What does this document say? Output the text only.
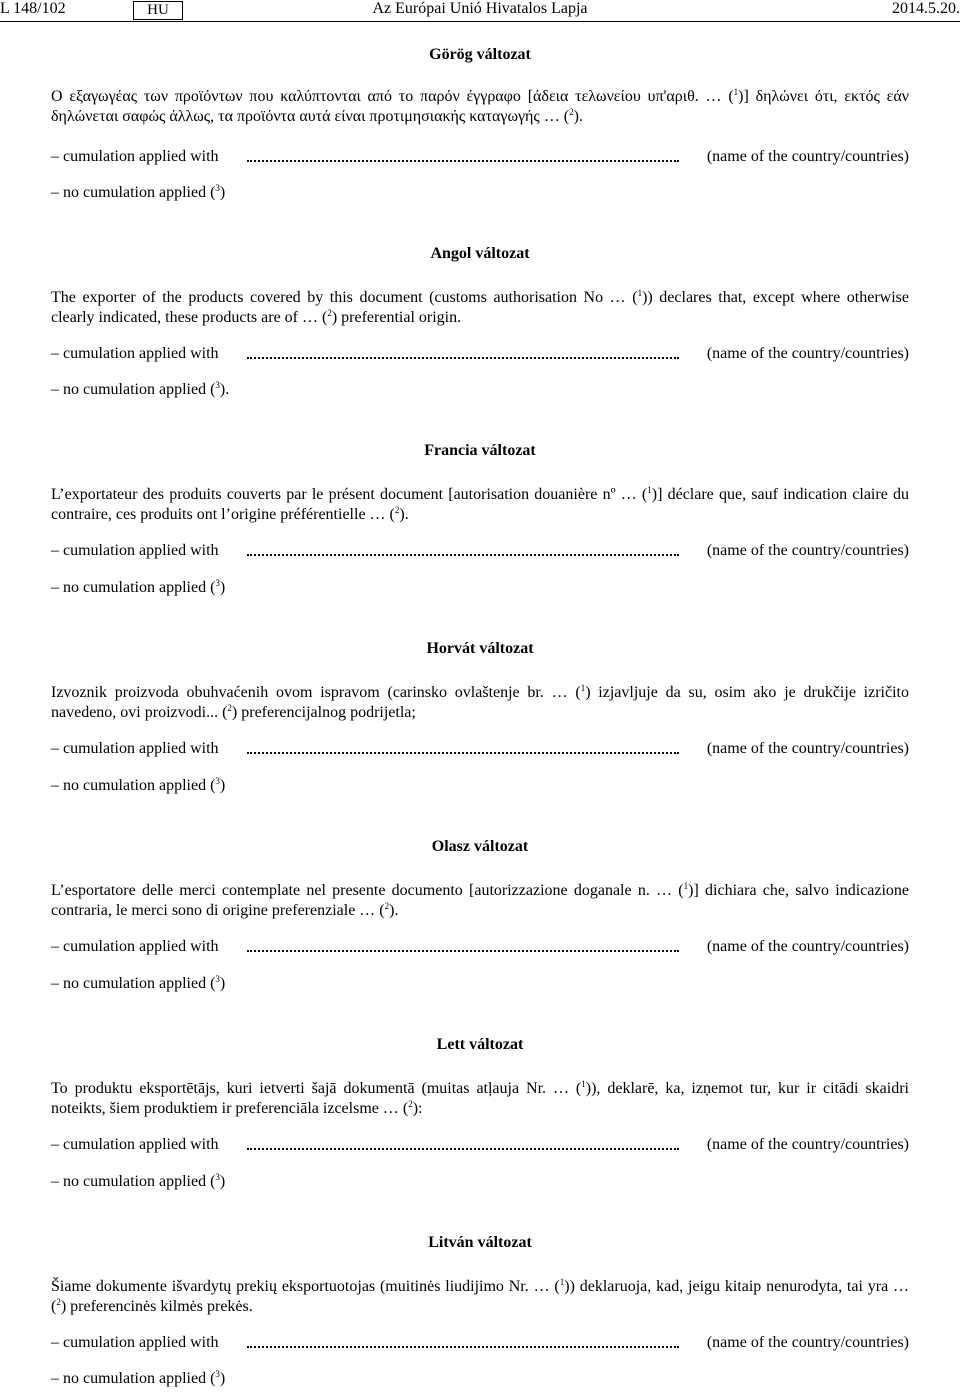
L 148/102	HU	Az Európai Unió Hivatalos Lapja	2014.5.20.
Görög változat
Ο εξαγωγέας των προϊόντων που καλύπτονται από το παρόν έγγραφο [άδεια τελωνείου υπ'αριθ. … ($^1$)] δηλώνει ότι, εκτός εάν δηλώνεται σαφώς άλλως, τα προϊόντα αυτά είναι προτιμησιακής καταγωγής … ($^2$).
– cumulation applied with	(name of the country/countries)
– no cumulation applied ($^3$)
Angol változat
The exporter of the products covered by this document (customs authorisation No … ($^1$)) declares that, except where otherwise clearly indicated, these products are of … ($^2$) preferential origin.
– cumulation applied with	(name of the country/countries)
– no cumulation applied ($^3$).
Francia változat
L’exportateur des produits couverts par le présent document [autorisation douanière nº … ($^1$)] déclare que, sauf indication claire du contraire, ces produits ont l’origine préférentielle … ($^2$).
– cumulation applied with	(name of the country/countries)
– no cumulation applied ($^3$)
Horvát változat
Izvoznik proizvoda obuhvaćenih ovom ispravom (carinsko ovlaštenje br. … ($^1$) izjavljuje da su, osim ako je drukčije izričito navedeno, ovi proizvodi... ($^2$) preferencijalnog podrijetla;
– cumulation applied with	(name of the country/countries)
– no cumulation applied ($^3$)
Olasz változat
L’esportatore delle merci contemplate nel presente documento [autorizzazione doganale n. … ($^1$)] dichiara che, salvo indicazione contraria, le merci sono di origine preferenziale … ($^2$).
– cumulation applied with	(name of the country/countries)
– no cumulation applied ($^3$)
Lett változat
To produktu eksportētājs, kuri ietverti šajā dokumentā (muitas atļauja Nr. … ($^1$)), deklarē, ka, izņemot tur, kur ir citādi skaidri noteikts, šiem produktiem ir preferenciāla izcelsme … ($^2$):
– cumulation applied with	(name of the country/countries)
– no cumulation applied ($^3$)
Litván változat
Šiame dokumente išvardytų prekių eksportuotojas (muitinės liudijimo Nr. … ($^1$)) deklaruoja, kad, jeigu kitaip nenurodyta, tai yra … ($^2$) preferencinės kilmės prekės.
– cumulation applied with	(name of the country/countries)
– no cumulation applied ($^3$)
